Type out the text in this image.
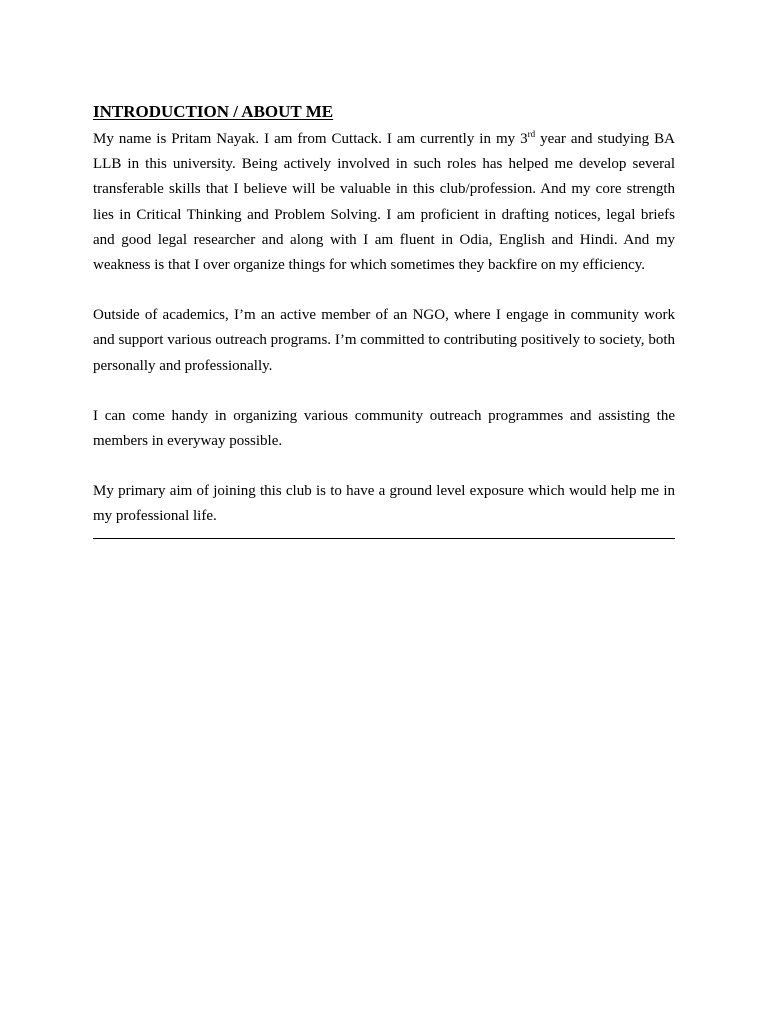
INTRODUCTION / ABOUT ME

My name is Pritam Nayak. I am from Cuttack. I am currently in my 3rd year and studying BA LLB in this university. Being actively involved in such roles has helped me develop several transferable skills that I believe will be valuable in this club/profession. And my core strength lies in Critical Thinking and Problem Solving. I am proficient in drafting notices, legal briefs and good legal researcher and along with I am fluent in Odia, English and Hindi. And my weakness is that I over organize things for which sometimes they backfire on my efficiency.

Outside of academics, I’m an active member of an NGO, where I engage in community work and support various outreach programs. I’m committed to contributing positively to society, both personally and professionally.

I can come handy in organizing various community outreach programmes and assisting the members in everyway possible.

My primary aim of joining this club is to have a ground level exposure which would help me in my professional life.
